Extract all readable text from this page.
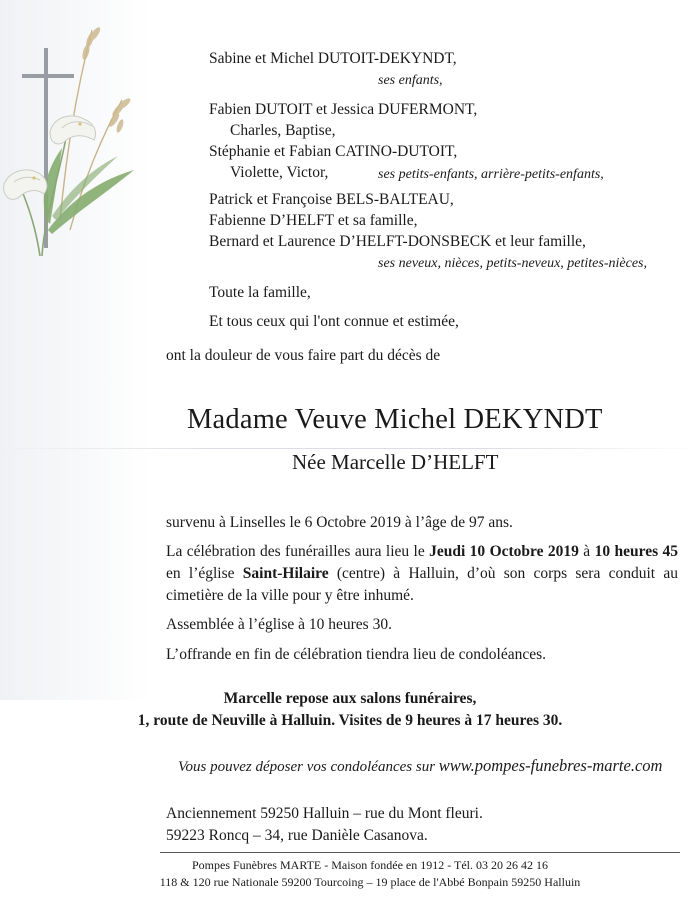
Sabine et Michel DUTOIT-DEKYNDT,
ses enfants,
Fabien DUTOIT et Jessica DUFERMONT,
Charles, Baptise,
Stéphanie et Fabian CATINO-DUTOIT,
Violette, Victor,	ses petits-enfants, arrière-petits-enfants,
Patrick et Françoise BELS-BALTEAU,
Fabienne D’HELFT et sa famille,
Bernard et Laurence D’HELFT-DONSBECK et leur famille,
ses neveux, nièces, petits-neveux, petites-nièces,
Toute la famille,
Et tous ceux qui l'ont connue et estimée,
ont la douleur de vous faire part du décès de
Madame Veuve Michel DEKYNDT
Née Marcelle D’HELFT
survenu à Linselles le 6 Octobre 2019 à l’âge de 97 ans.
La célébration des funérailles aura lieu le Jeudi 10 Octobre 2019 à 10 heures 45 en l’église Saint-Hilaire (centre) à Halluin, d’où son corps sera conduit au cimetière de la ville pour y être inhumé.
Assemblée à l’église à 10 heures 30.
L’offrande en fin de célébration tiendra lieu de condoléances.
Marcelle repose aux salons funéraires,
1, route de Neuville à Halluin. Visites de 9 heures à 17 heures 30.
Vous pouvez déposer vos condoléances sur www.pompes-funebres-marte.com
Anciennement 59250 Halluin – rue du Mont fleuri.
59223 Roncq – 34, rue Danièle Casanova.
Pompes Funèbres MARTE - Maison fondée en 1912 - Tél. 03 20 26 42 16
118 & 120 rue Nationale 59200 Tourcoing – 19 place de l'Abbé Bonpain 59250 Halluin
